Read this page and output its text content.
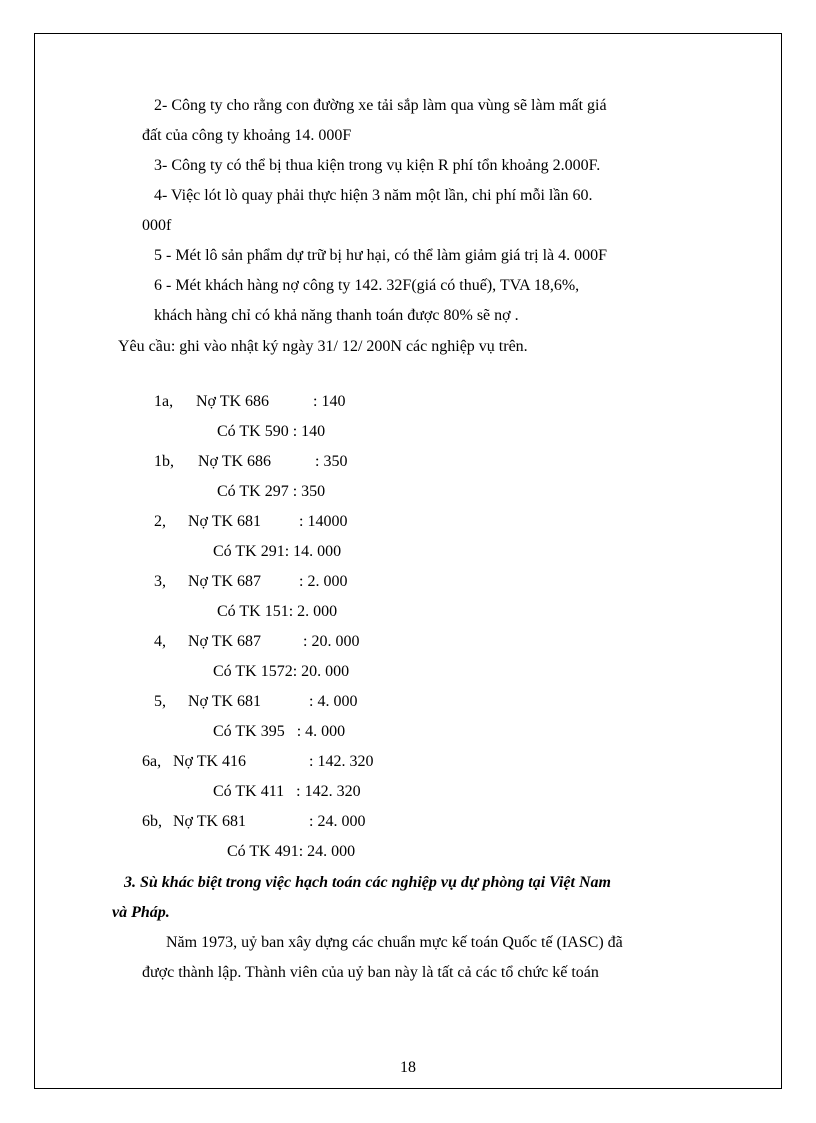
2- Công ty cho rằng con đường xe tải sắp làm qua vùng sẽ làm mất giá
đất của công ty khoảng 14. 000F
3- Công ty có thể bị thua kiện trong vụ kiện R phí tổn khoảng 2.000F.
4- Việc lót lò quay phải thực hiện 3 năm một lần, chi phí mỗi lần 60.
000f
5 - Mét lô sản phẩm dự trữ bị hư hại, có thể làm giảm giá trị là 4. 000F
6 - Mét khách hàng nợ công ty 142. 32F(giá có thuế), TVA 18,6%,
khách hàng chỉ có khả năng thanh toán được 80% sẽ nợ .
Yêu cầu: ghi vào nhật ký ngày 31/ 12/ 200N các nghiệp vụ trên.
1a, Nợ TK 686	: 140
Có TK 590 : 140
1b, Nợ TK 686	: 350
Có TK 297 : 350
2, Nợ TK 681 : 14000
Có TK 291: 14. 000
3, Nợ TK 687 : 2. 000
Có TK 151: 2. 000
4, Nợ TK 687	: 20. 000
Có TK 1572: 20. 000
5, Nợ TK 681	: 4. 000
Có TK 395   : 4. 000
6a, Nợ TK 416	: 142. 320
Có TK 411   : 142. 320
6b, Nợ TK 681	: 24. 000
Có TK 491: 24. 000
3. Sù khác biệt trong việc hạch toán các nghiệp vụ dự phòng tại Việt Nam
và Pháp.
Năm 1973, uỷ ban xây dựng các chuẩn mực kế toán Quốc tế (IASC) đã
được thành lập. Thành viên của uỷ ban này là tất cả các tổ chức kế toán
18
